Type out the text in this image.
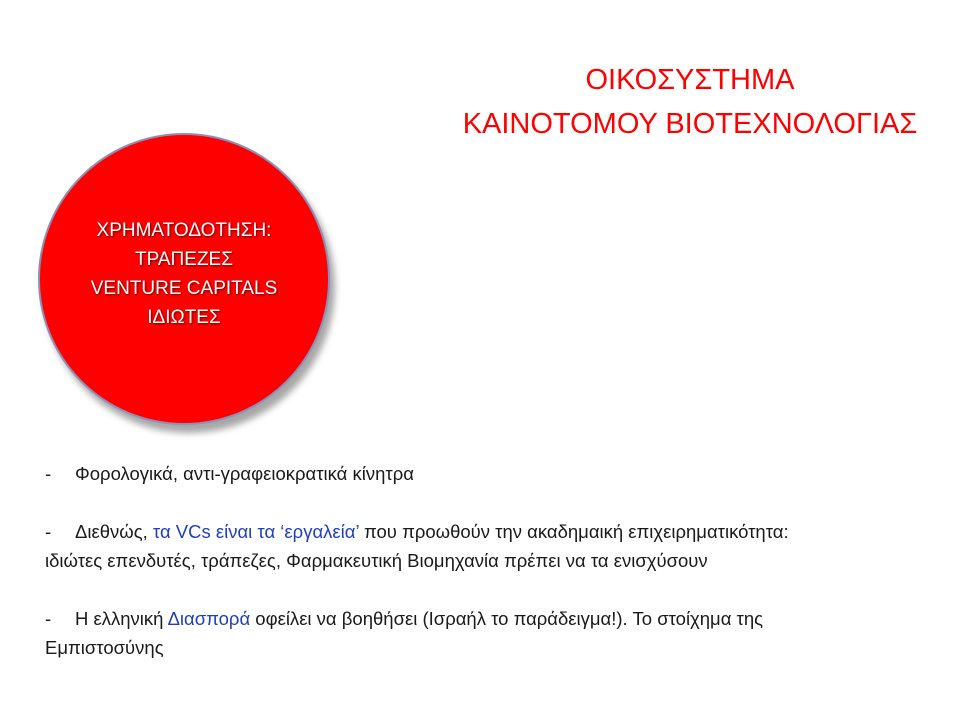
ΟΙΚΟΣΥΣΤΗΜΑ
ΚΑΙΝΟΤΟΜΟΥ ΒΙΟΤΕΧΝΟΛΟΓΙΑΣ
ΧΡΗΜΑΤΟΔΟΤΗΣΗ:
ΤΡΑΠΕΖΕΣ
VENTURE CAPITALS
ΙΔΙΩΤΕΣ

- Φορολογικά, αντι-γραφειοκρατικά κίνητρα

- Διεθνώς, τα VCs είναι τα ‘εργαλεία’ που προωθούν την ακαδημαική επιχειρηματικότητα:
ιδιώτες επενδυτές, τράπεζες, Φαρμακευτική Βιομηχανία πρέπει να τα ενισχύσουν

- Η ελληνική Διασπορά οφείλει να βοηθήσει (Ισραήλ το παράδειγμα!). Το στοίχημα της
Εμπιστοσύνης
